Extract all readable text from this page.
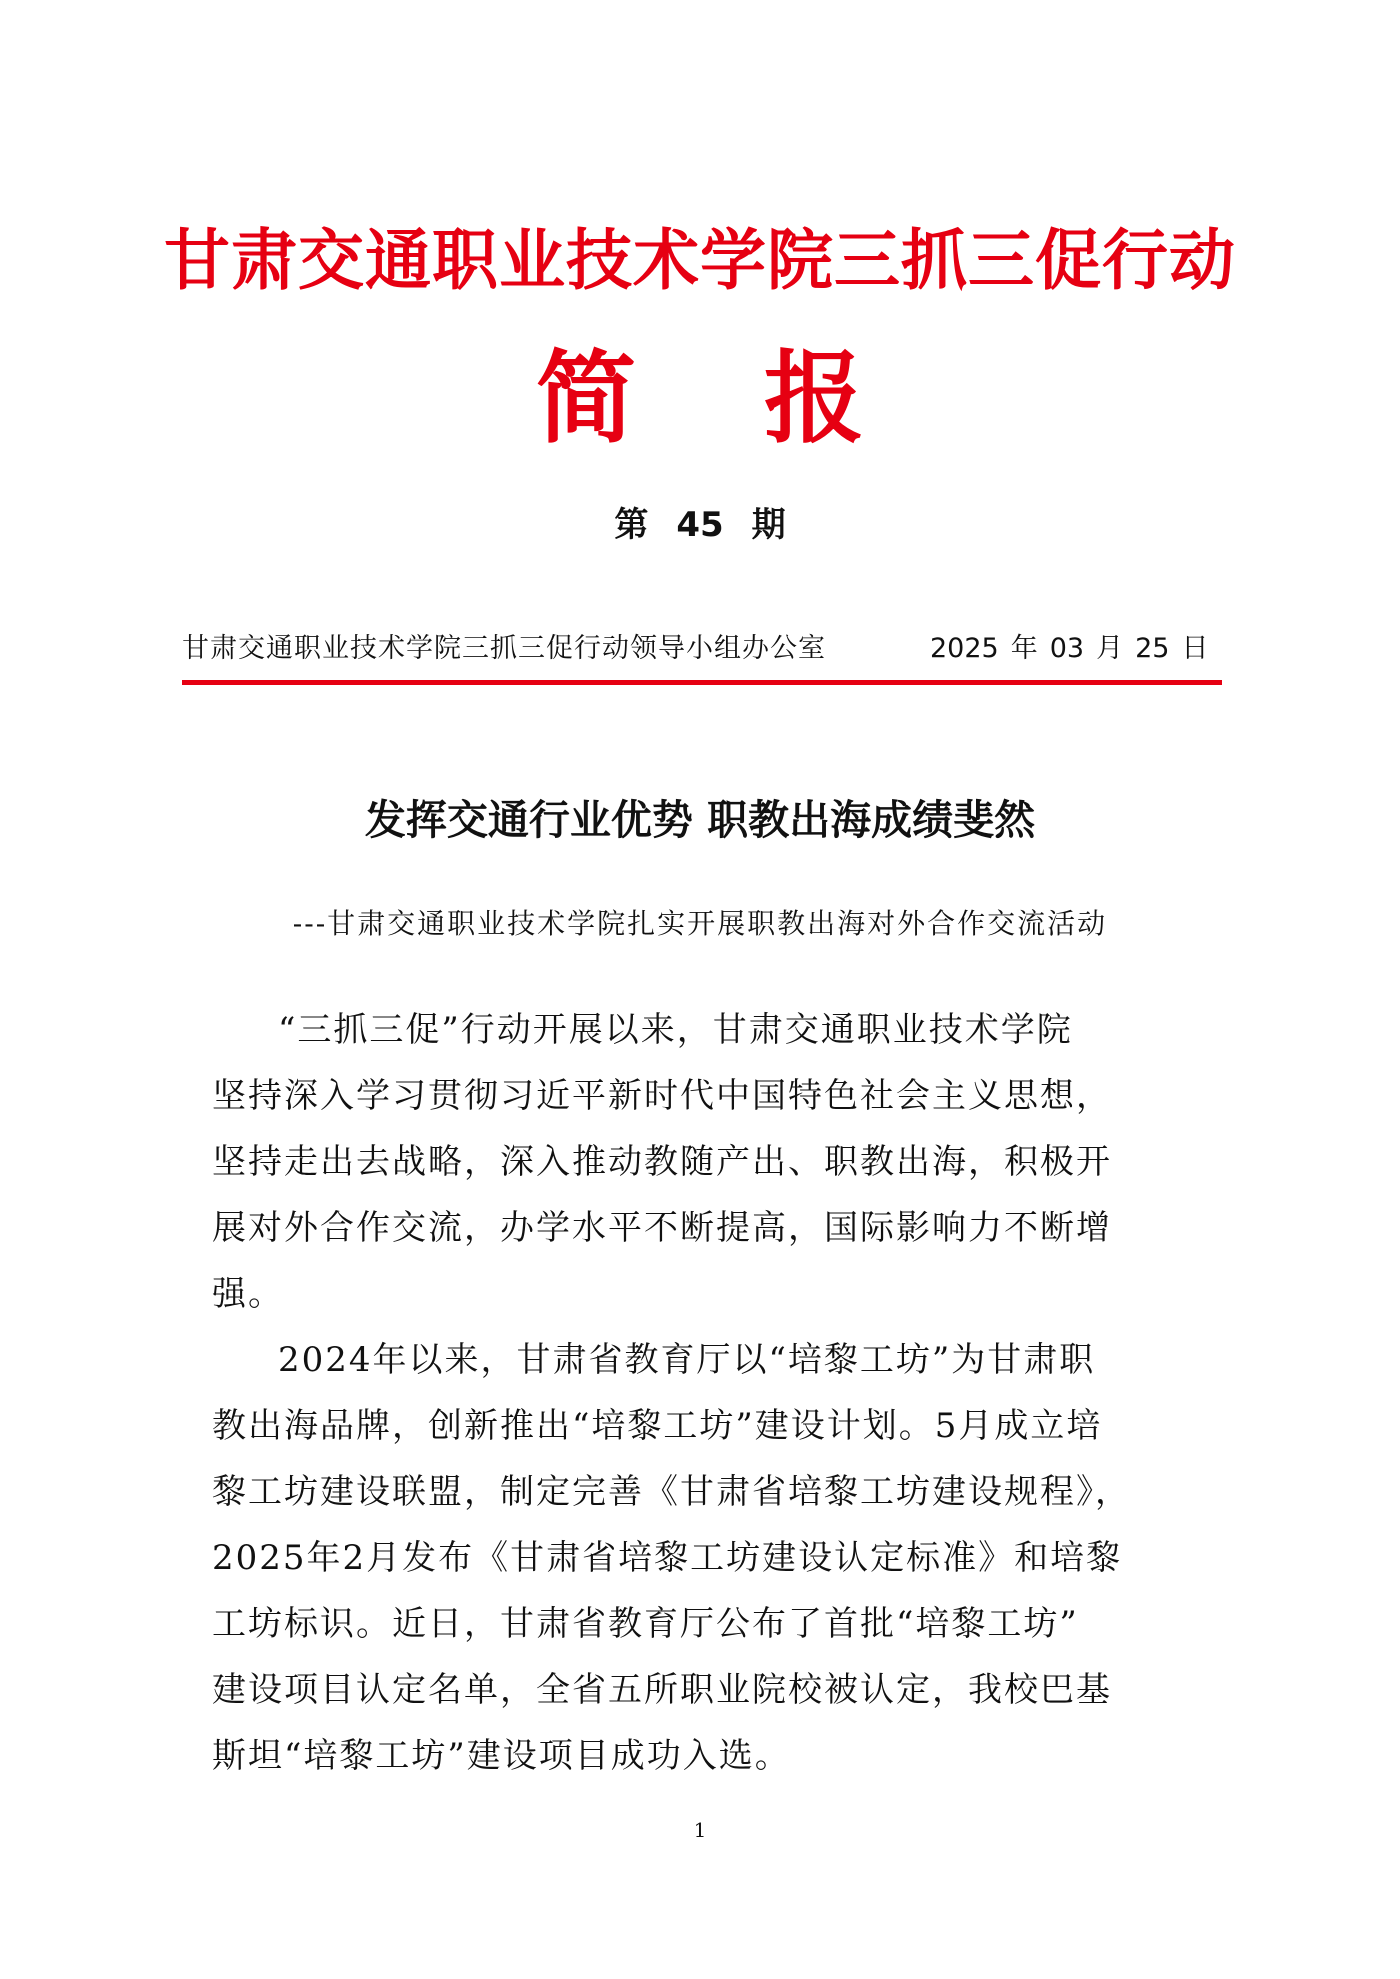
甘肃交通职业技术学院三抓三促行动
简 报
第 45 期
甘肃交通职业技术学院三抓三促行动领导小组办公室	2025 年 03 月 25 日
发挥交通行业优势 职教出海成绩斐然
---甘肃交通职业技术学院扎实开展职教出海对外合作交流活动
“三抓三促”行动开展以来，甘肃交通职业技术学院
坚持深入学习贯彻习近平新时代中国特色社会主义思想，
坚持走出去战略，深入推动教随产出、职教出海，积极开
展对外合作交流，办学水平不断提高，国际影响力不断增
强。
2024年以来，甘肃省教育厅以“培黎工坊”为甘肃职
教出海品牌，创新推出“培黎工坊”建设计划。5月成立培
黎工坊建设联盟，制定完善《甘肃省培黎工坊建设规程》，
2025年2月发布《甘肃省培黎工坊建设认定标准》和培黎
工坊标识。近日，甘肃省教育厅公布了首批“培黎工坊”
建设项目认定名单，全省五所职业院校被认定，我校巴基
斯坦“培黎工坊”建设项目成功入选。
1
